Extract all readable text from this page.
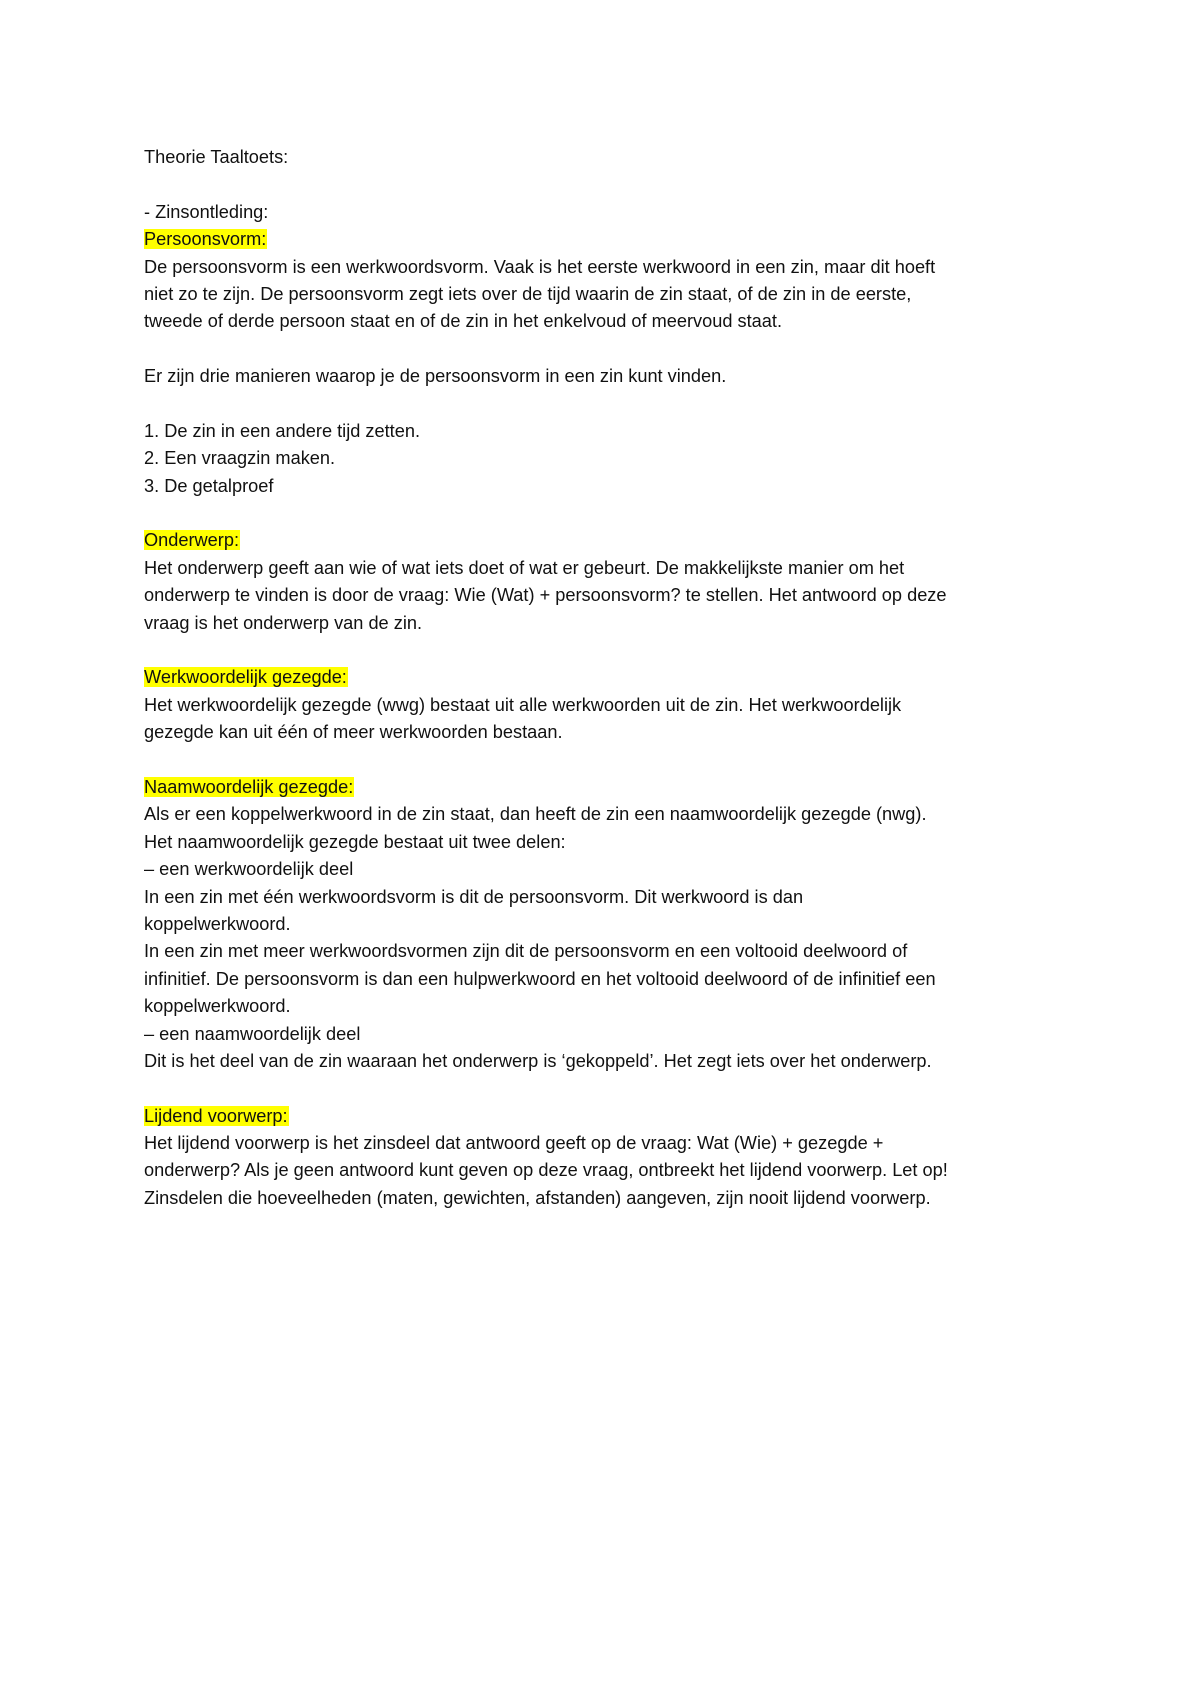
Theorie Taaltoets:
- Zinsontleding:
Persoonsvorm:
De persoonsvorm is een werkwoordsvorm. Vaak is het eerste werkwoord in een zin, maar dit hoeft
niet zo te zijn. De persoonsvorm zegt iets over de tijd waarin de zin staat, of de zin in de eerste,
tweede of derde persoon staat en of de zin in het enkelvoud of meervoud staat.
Er zijn drie manieren waarop je de persoonsvorm in een zin kunt vinden.
1. De zin in een andere tijd zetten.
2. Een vraagzin maken.
3. De getalproef
Onderwerp:
Het onderwerp geeft aan wie of wat iets doet of wat er gebeurt. De makkelijkste manier om het
onderwerp te vinden is door de vraag: Wie (Wat) + persoonsvorm? te stellen. Het antwoord op deze
vraag is het onderwerp van de zin.
Werkwoordelijk gezegde:
Het werkwoordelijk gezegde (wwg) bestaat uit alle werkwoorden uit de zin. Het werkwoordelijk
gezegde kan uit één of meer werkwoorden bestaan.
Naamwoordelijk gezegde:
Als er een koppelwerkwoord in de zin staat, dan heeft de zin een naamwoordelijk gezegde (nwg).
Het naamwoordelijk gezegde bestaat uit twee delen:
– een werkwoordelijk deel
In een zin met één werkwoordsvorm is dit de persoonsvorm. Dit werkwoord is dan
koppelwerkwoord.
In een zin met meer werkwoordsvormen zijn dit de persoonsvorm en een voltooid deelwoord of
infinitief. De persoonsvorm is dan een hulpwerkwoord en het voltooid deelwoord of de infinitief een
koppelwerkwoord.
– een naamwoordelijk deel
Dit is het deel van de zin waaraan het onderwerp is ‘gekoppeld’. Het zegt iets over het onderwerp.
Lijdend voorwerp:
Het lijdend voorwerp is het zinsdeel dat antwoord geeft op de vraag: Wat (Wie) + gezegde +
onderwerp? Als je geen antwoord kunt geven op deze vraag, ontbreekt het lijdend voorwerp. Let op!
Zinsdelen die hoeveelheden (maten, gewichten, afstanden) aangeven, zijn nooit lijdend voorwerp.
